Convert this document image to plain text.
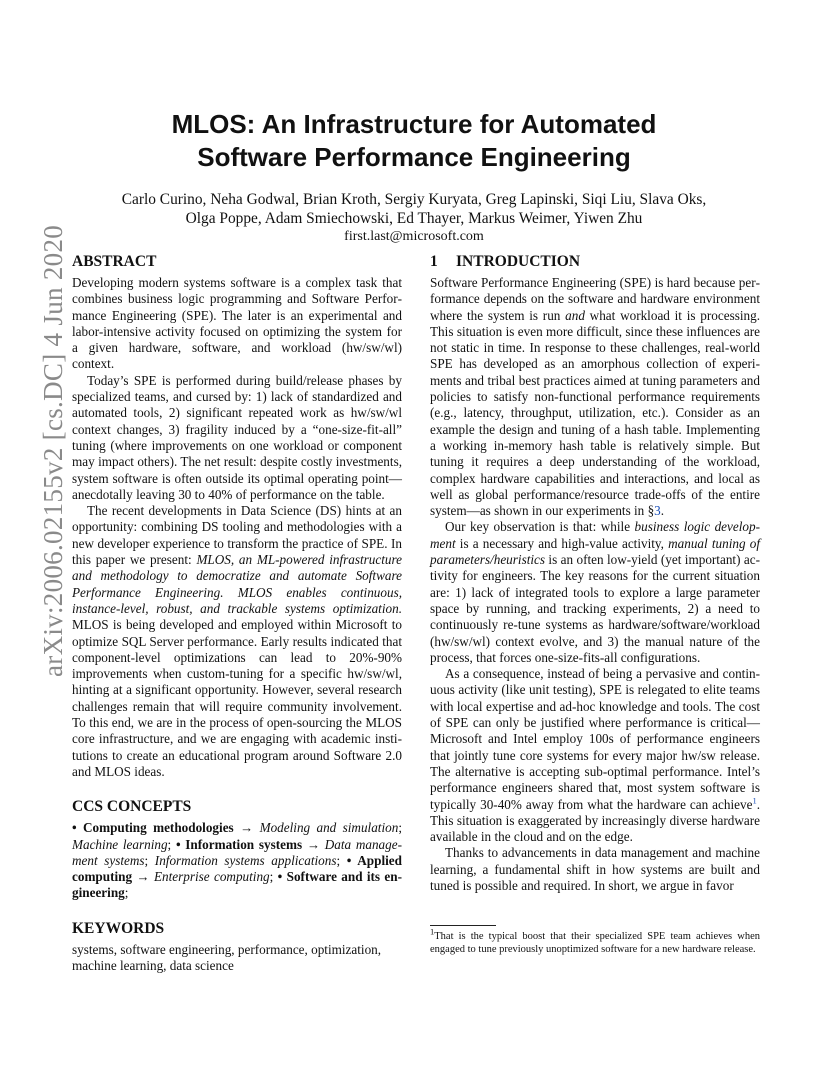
arXiv:2006.02155v2 [cs.DC] 4 Jun 2020
MLOS: An Infrastructure for Automated
Software Performance Engineering
Carlo Curino, Neha Godwal, Brian Kroth, Sergiy Kuryata, Greg Lapinski, Siqi Liu, Slava Oks,
Olga Poppe, Adam Smiechowski, Ed Thayer, Markus Weimer, Yiwen Zhu
first.last@microsoft.com
ABSTRACT

Developing modern systems software is a complex task that combines business logic programming and Software Performance Engineering (SPE). The later is an experimental and labor-intensive activity focused on optimizing the system for a given hardware, software, and workload (hw/sw/wl) context.

Today’s SPE is performed during build/release phases by specialized teams, and cursed by: 1) lack of standardized and automated tools, 2) significant repeated work as hw/sw/wl context changes, 3) fragility induced by a “one-size-fit-all” tuning (where improvements on one workload or component may impact others). The net result: despite costly investments, system software is often outside its optimal operating point—anecdotally leaving 30 to 40% of performance on the table.

The recent developments in Data Science (DS) hints at an opportunity: combining DS tooling and methodologies with a new developer experience to transform the practice of SPE. In this paper we present: MLOS, an ML-powered infrastructure and methodology to democratize and automate Software Performance Engineering. MLOS enables continuous, instance-level, robust, and trackable systems optimization. MLOS is being developed and employed within Microsoft to optimize SQL Server performance. Early results indicated that component-level optimizations can lead to 20%-90% improvements when custom-tuning for a specific hw/sw/wl, hinting at a significant opportunity. However, several research challenges remain that will require community involvement. To this end, we are in the process of open-sourcing the MLOS core infrastructure, and we are engaging with academic institutions to create an educational program around Software 2.0 and MLOS ideas.

CCS CONCEPTS

• Computing methodologies → Modeling and simulation; Machine learning; • Information systems → Data management systems; Information systems applications; • Applied computing → Enterprise computing; • Software and its engineering;

KEYWORDS

systems, software engineering, performance, optimization, machine learning, data science

1 INTRODUCTION

Software Performance Engineering (SPE) is hard because performance depends on the software and hardware environment where the system is run and what workload it is processing. This situation is even more difficult, since these influences are not static in time. In response to these challenges, real-world SPE has developed as an amorphous collection of experiments and tribal best practices aimed at tuning parameters and policies to satisfy non-functional performance requirements (e.g., latency, throughput, utilization, etc.). Consider as an example the design and tuning of a hash table. Implementing a working in-memory hash table is relatively simple. But tuning it requires a deep understanding of the workload, complex hardware capabilities and interactions, and local as well as global performance/resource trade-offs of the entire system—as shown in our experiments in §3.

Our key observation is that: while business logic development is a necessary and high-value activity, manual tuning of parameters/heuristics is an often low-yield (yet important) activity for engineers. The key reasons for the current situation are: 1) lack of integrated tools to explore a large parameter space by running, and tracking experiments, 2) a need to continuously re-tune systems as hardware/software/workload (hw/sw/wl) context evolve, and 3) the manual nature of the process, that forces one-size-fits-all configurations.

As a consequence, instead of being a pervasive and continuous activity (like unit testing), SPE is relegated to elite teams with local expertise and ad-hoc knowledge and tools. The cost of SPE can only be justified where performance is critical—Microsoft and Intel employ 100s of performance engineers that jointly tune core systems for every major hw/sw release. The alternative is accepting sub-optimal performance. Intel’s performance engineers shared that, most system software is typically 30-40% away from what the hardware can achieve$^1$. This situation is exaggerated by increasingly diverse hardware available in the cloud and on the edge.

Thanks to advancements in data management and machine learning, a fundamental shift in how systems are built and tuned is possible and required. In short, we argue in favor

$^1$That is the typical boost that their specialized SPE team achieves when engaged to tune previously unoptimized software for a new hardware release.
